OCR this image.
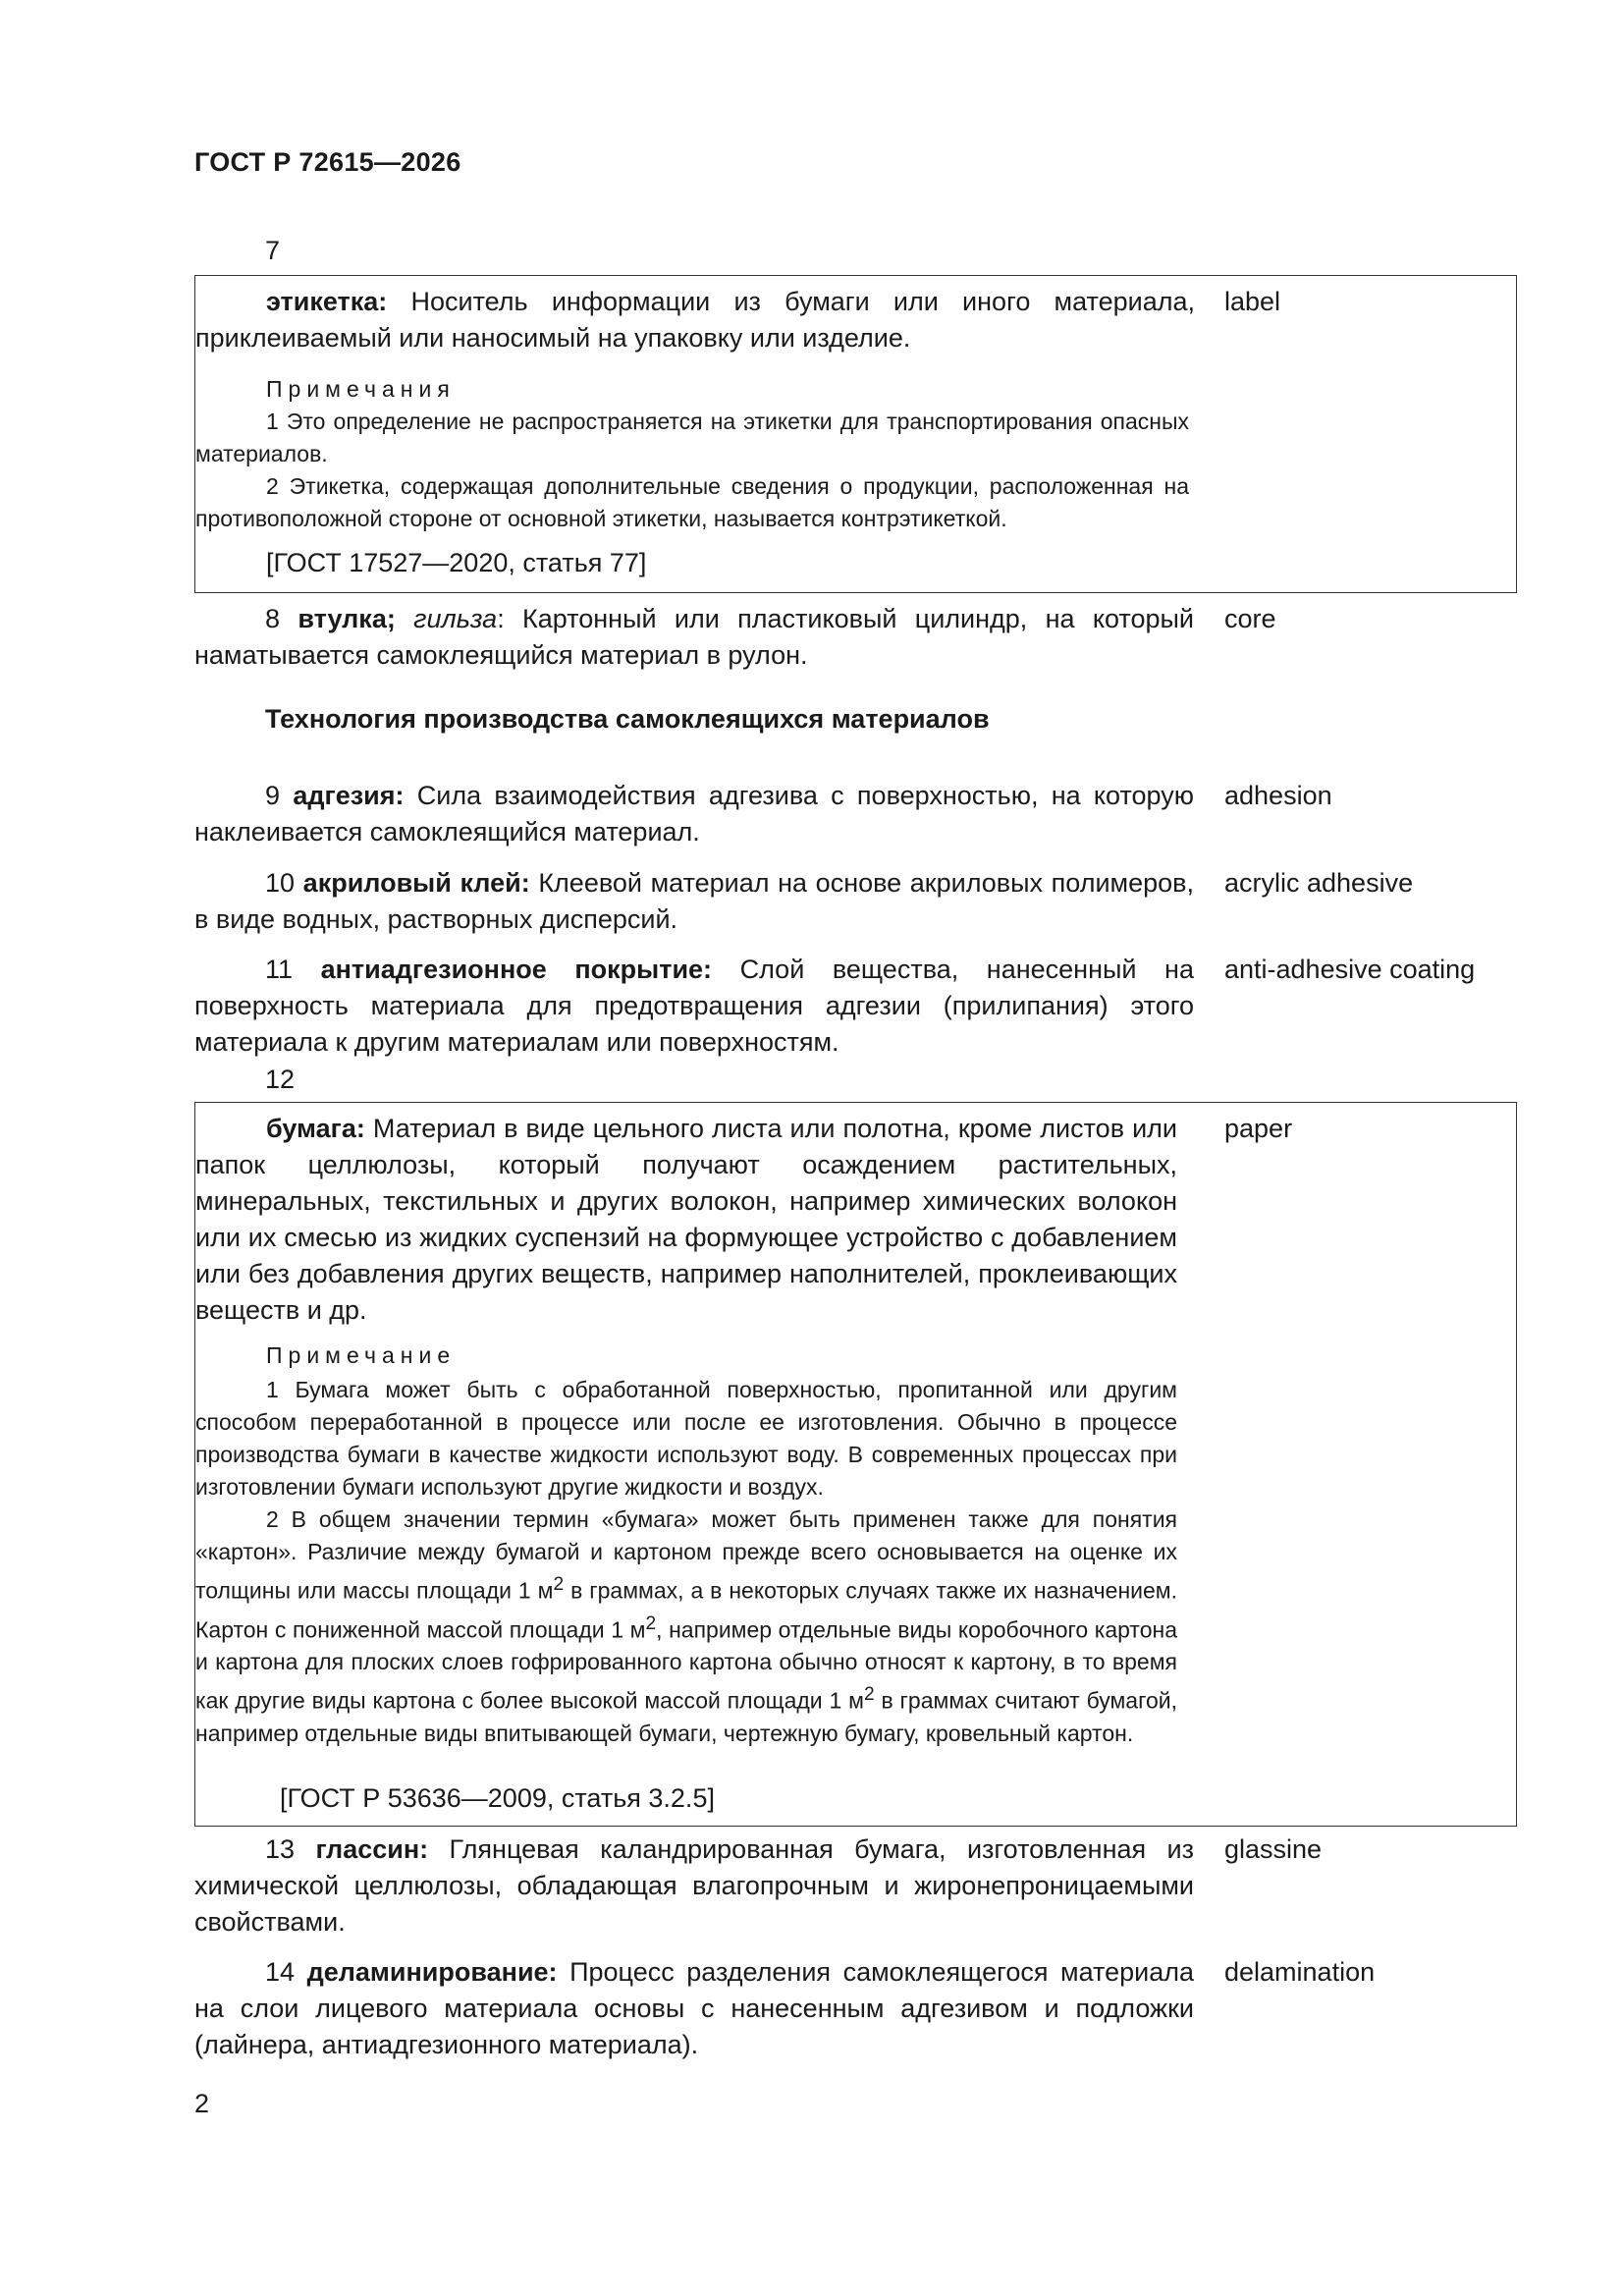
ГОСТ Р 72615—2026
7
этикетка: Носитель информации из бумаги или иного материала, приклеиваемый или наносимый на упаковку или изделие.
label
Примечания
1 Это определение не распространяется на этикетки для транспортирования опасных материалов.
2 Этикетка, содержащая дополнительные сведения о продукции, расположенная на противоположной стороне от основной этикетки, называется контрэтикеткой.
[ГОСТ 17527—2020, статья 77]
8 втулка; гильза: Картонный или пластиковый цилиндр, на который наматывается самоклеящийся материал в рулон.
core
Технология производства самоклеящихся материалов
9 адгезия: Сила взаимодействия адгезива с поверхностью, на которую наклеивается самоклеящийся материал.
adhesion
10 акриловый клей: Клеевой материал на основе акриловых полимеров, в виде водных, растворных дисперсий.
acrylic adhesive
11 антиадгезионное покрытие: Слой вещества, нанесенный на поверхность материала для предотвращения адгезии (прилипания) этого материала к другим материалам или поверхностям.
anti-adhesive coating
12
бумага: Материал в виде цельного листа или полотна, кроме листов или папок целлюлозы, который получают осаждением растительных, минеральных, текстильных и других волокон, например химических волокон или их смесью из жидких суспензий на формующее устройство с добавлением или без добавления других веществ, например наполнителей, проклеивающих веществ и др.
paper
Примечание
1 Бумага может быть с обработанной поверхностью, пропитанной или другим способом переработанной в процессе или после ее изготовления. Обычно в процессе производства бумаги в качестве жидкости используют воду. В современных процессах при изготовлении бумаги используют другие жидкости и воздух.
2 В общем значении термин «бумага» может быть применен также для понятия «картон». Различие между бумагой и картоном прежде всего основывается на оценке их толщины или массы площади 1 $м^2$ в граммах, а в некоторых случаях также их назначением. Картон с пониженной массой площади 1 $м^2$, например отдельные виды коробочного картона и картона для плоских слоев гофрированного картона обычно относят к картону, в то время как другие виды картона с более высокой массой площади 1 $м^2$ в граммах считают бумагой, например отдельные виды впитывающей бумаги, чертежную бумагу, кровельный картон.
[ГОСТ Р 53636—2009, статья 3.2.5]
13 глассин: Глянцевая каландрированная бумага, изготовленная из химической целлюлозы, обладающая влагопрочным и жиронепроницаемыми свойствами.
glassine
14 деламинирование: Процесс разделения самоклеящегося материала на слои лицевого материала основы с нанесенным адгезивом и подложки (лайнера, антиадгезионного материала).
delamination
2
